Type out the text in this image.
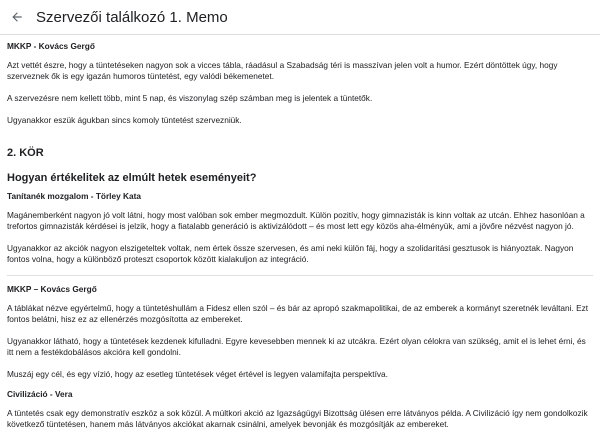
Szervezői találkozó 1. Memo

MKKP - Kovács Gergő

Azt vettét észre, hogy a tüntetéseken nagyon sok a vicces tábla, ráadásul a Szabadság téri is masszívan jelen volt a humor. Ezért döntöttek úgy, hogy szerveznek ők is egy igazán humoros tüntetést, egy valódi békemenetet.

A szervezésre nem kellett több, mint 5 nap, és viszonylag szép számban meg is jelentek a tüntetők.

Ugyanakkor eszük águkban sincs komoly tüntetést szervezniük.

2. KÖR

Hogyan értékelitek az elmúlt hetek eseményeit?

Tanítanék mozgalom - Törley Kata

Magánemberként nagyon jó volt látni, hogy most valóban sok ember megmozdult. Külön pozitív, hogy gimnazisták is kinn voltak az utcán. Ehhez hasonlóan a trefortos gimnazisták kérdései is jelzik, hogy a fiatalabb generáció is aktivizálódott – és most lett egy közös aha-élményük, ami a jövőre nézvést nagyon jó.

Ugyanakkor az akciók nagyon elszigeteltek voltak, nem értek össze szervesen, és ami neki külön fáj, hogy a szolidaritási gesztusok is hiányoztak. Nagyon fontos volna, hogy a különböző proteszt csoportok között kialakuljon az integráció.

MKKP – Kovács Gergő

A táblákat nézve egyértelmű, hogy a tüntetéshullám a Fidesz ellen szól – és bár az apropó szakmapolitikai, de az emberek a kormányt szeretnék leváltani. Ezt fontos belátni, hisz ez az ellenérzés mozgósította az embereket.

Ugyanakkor látható, hogy a tüntetések kezdenek kifulladni. Egyre kevesebben mennek ki az utcákra. Ezért olyan célokra van szükség, amit el is lehet érni, és itt nem a festékdobálásos akcióra kell gondolni.

Muszáj egy cél, és egy vízió, hogy az esetleg tüntetések véget értével is legyen valamifajta perspektíva.

Civilizáció - Vera

A tüntetés csak egy demonstratív eszköz a sok közül. A múltkori akció az Igazságügyi Bizottság ülésen erre látványos példa. A Civilizáció így nem gondolkozik következő tüntetésen, hanem más látványos akciókat akarnak csinálni, amelyek bevonják és mozgósítják az embereket.
